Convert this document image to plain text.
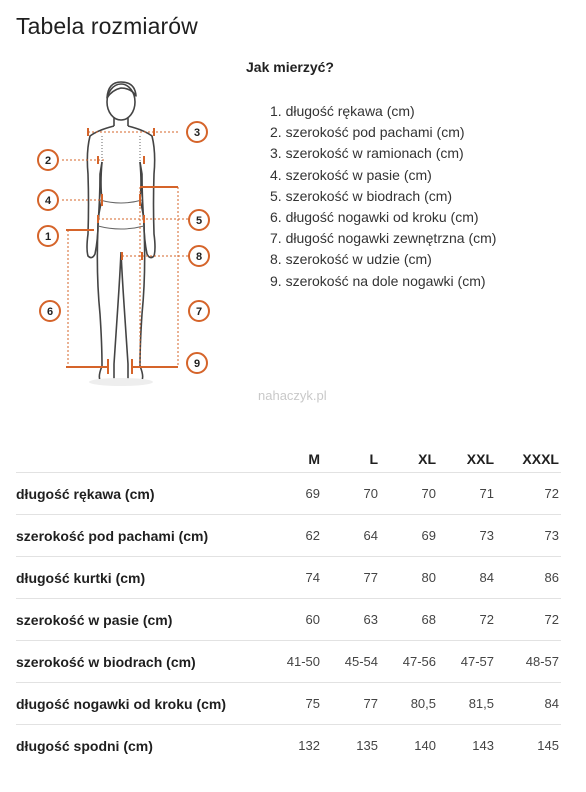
Tabela rozmiarów
3
2
4
5
1
8
6	7
9
Jak mierzyć?
1. długość rękawa (cm)
2. szerokość pod pachami (cm)
3. szerokość w ramionach (cm)
4. szerokość w pasie (cm)
5. szerokość w biodrach (cm)
6. długość nogawki od kroku (cm)
7. długość nogawki zewnętrzna (cm)
8. szerokość w udzie (cm)
9. szerokość na dole nogawki (cm)
nahaczyk.pl
	M	L	XL	XXL	XXXL
długość rękawa (cm)	69	70	70	71	72
szerokość pod pachami (cm)	62	64	69	73	73
długość kurtki (cm)	74	77	80	84	86
szerokość w pasie (cm)	60	63	68	72	72
szerokość w biodrach (cm)	41-50	45-54	47-56	47-57	48-57
długość nogawki od kroku (cm)	75	77	80,5	81,5	84
długość spodni (cm)	132	135	140	143	145
